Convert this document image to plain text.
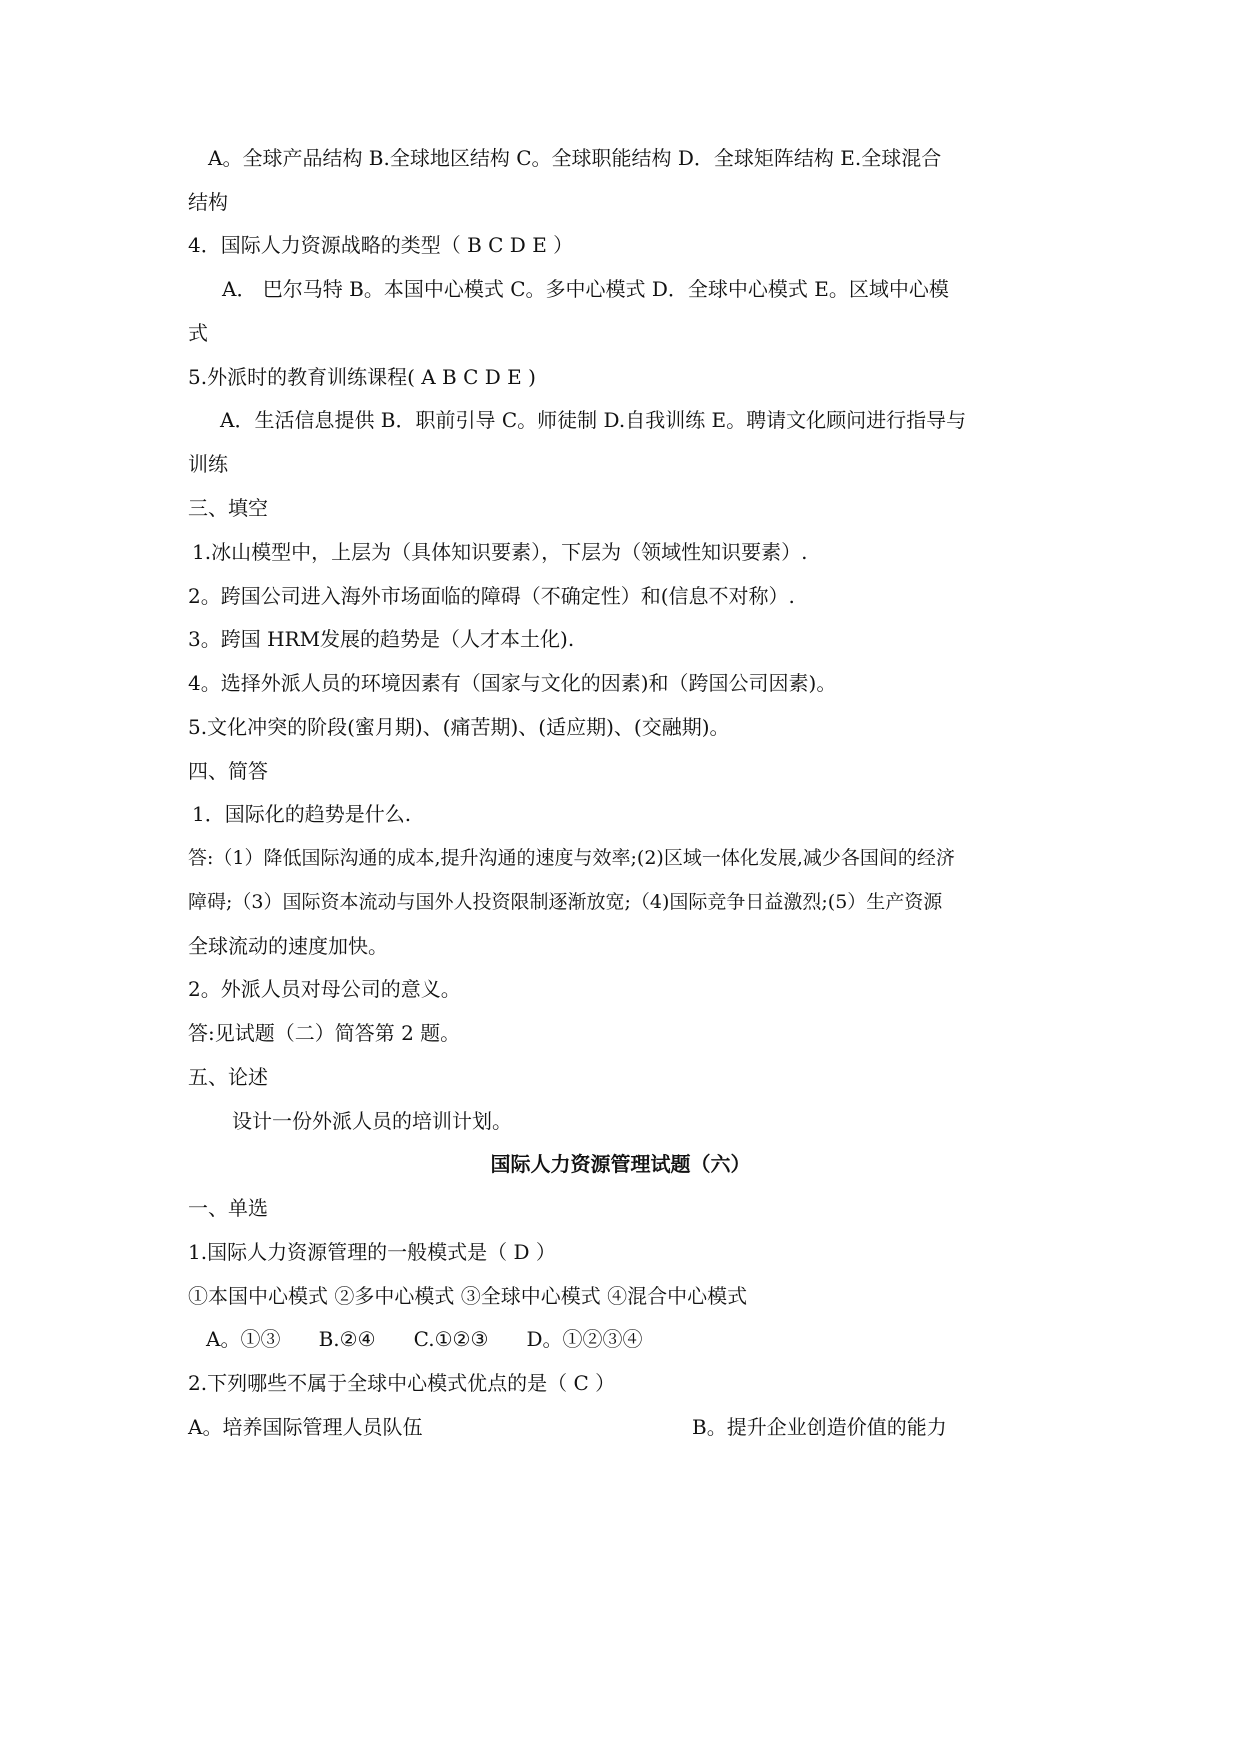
A。全球产品结构 B.全球地区结构 C。全球职能结构 D．全球矩阵结构 E.全球混合
结构
4．国际人力资源战略的类型（ B C D E ）
A． 巴尔马特 B。本国中心模式 C。多中心模式 D．全球中心模式 E。区域中心模
式
5.外派时的教育训练课程( A B C D E )
A．生活信息提供 B．职前引导 C。师徒制 D.自我训练 E。聘请文化顾问进行指导与
训练
三、填空
1.冰山模型中，上层为（具体知识要素），下层为（领域性知识要素）.
2。跨国公司进入海外市场面临的障碍（不确定性）和(信息不对称）.
3。跨国 HRM发展的趋势是（人才本土化).
4。选择外派人员的环境因素有（国家与文化的因素)和（跨国公司因素)。
5.文化冲突的阶段(蜜月期)、(痛苦期)、(适应期)、(交融期)。
四、简答
1．国际化的趋势是什么.
答:（1）降低国际沟通的成本,提升沟通的速度与效率;(2)区域一体化发展,减少各国间的经济
障碍;（3）国际资本流动与国外人投资限制逐渐放宽;（4)国际竞争日益激烈;(5）生产资源
全球流动的速度加快。
2。外派人员对母公司的意义。
答:见试题（二）简答第 2 题。
五、论述
设计一份外派人员的培训计划。
国际人力资源管理试题（六）
一、单选
1.国际人力资源管理的一般模式是（ D ）
①本国中心模式 ②多中心模式 ③全球中心模式 ④混合中心模式
A。①③      B.②④      C.①②③      D。①②③④
2.下列哪些不属于全球中心模式优点的是（ C ）
A。培养国际管理人员队伍	B。提升企业创造价值的能力
